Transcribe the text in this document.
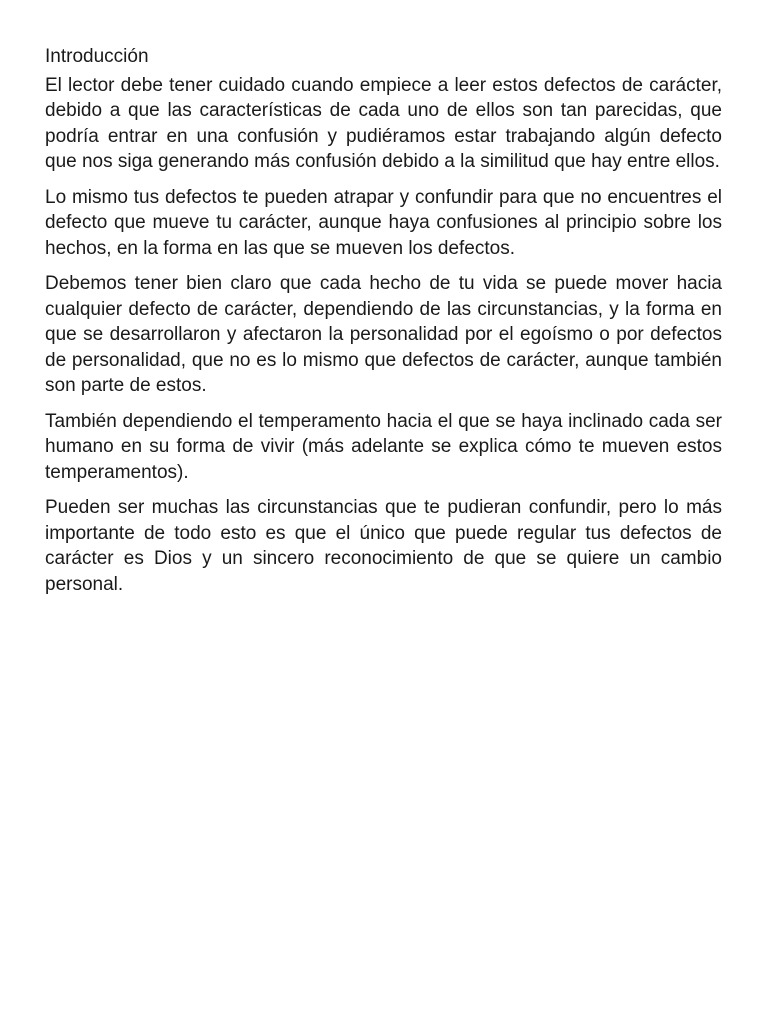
Introducción

El lector debe tener cuidado cuando empiece a leer estos defectos de carácter, debido a que las características de cada uno de ellos son tan parecidas, que podría entrar en una confusión y pudiéramos estar trabajando algún defecto que nos siga generando más confusión debido a la similitud que hay entre ellos.

Lo mismo tus defectos te pueden atrapar y confundir para que no encuentres el defecto que mueve tu carácter, aunque haya confusiones al principio sobre los hechos, en la forma en las que se mueven los defectos.

Debemos tener bien claro que cada hecho de tu vida se puede mover hacia cualquier defecto de carácter, dependiendo de las circunstancias, y la forma en que se desarrollaron y afectaron la personalidad por el egoísmo o por defectos de personalidad, que no es lo mismo que defectos de carácter, aunque también son parte de estos.

También dependiendo el temperamento hacia el que se haya inclinado cada ser humano en su forma de vivir (más adelante se explica cómo te mueven estos temperamentos).

Pueden ser muchas las circunstancias que te pudieran confundir, pero lo más importante de todo esto es que el único que puede regular tus defectos de carácter es Dios y un sincero reconocimiento de que se quiere un cambio personal.
